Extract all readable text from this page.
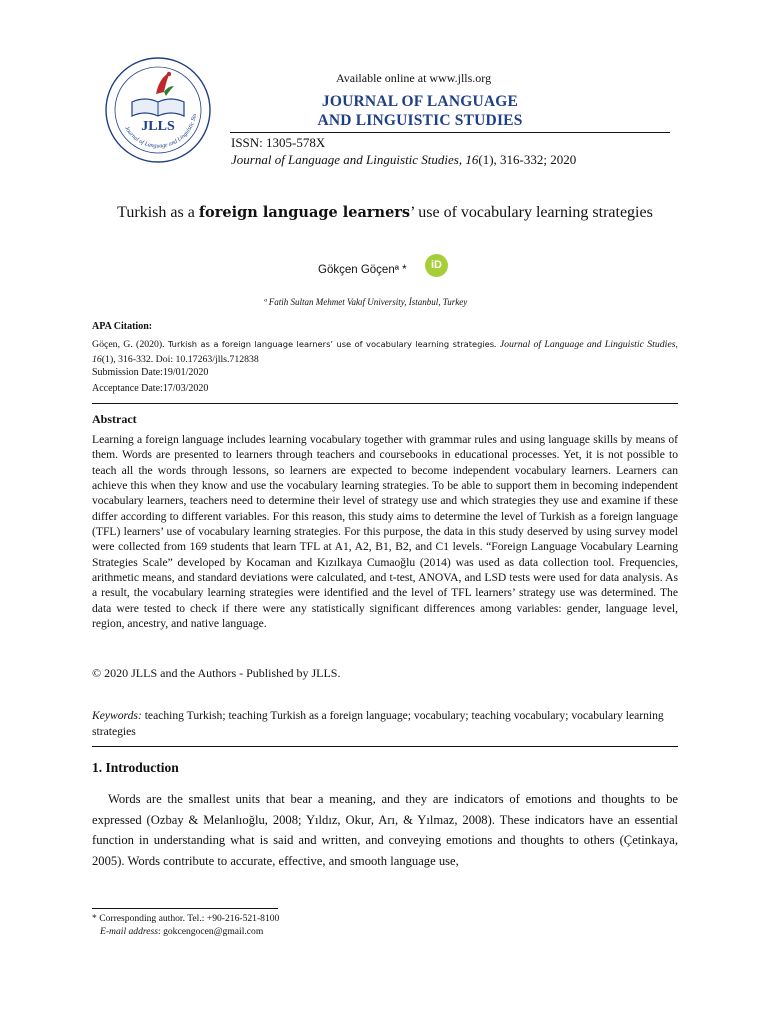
JLLS
Journal of Language and Linguistic Stu
Available online at www.jlls.org
JOURNAL OF LANGUAGE
AND LINGUISTIC STUDIES
ISSN: 1305-578X
Journal of Language and Linguistic Studies, 16(1), 316-332; 2020
Turkish as a foreign language learners’ use of vocabulary learning strategies
Gökçen Göçenª *	iD
ª Fatih Sultan Mehmet Vakıf University, İstanbul, Turkey
APA Citation:
Göçen, G. (2020). Turkish as a foreign language learners’ use of vocabulary learning strategies. Journal of Language and Linguistic Studies, 16(1), 316-332. Doi: 10.17263/jlls.712838
Submission Date:19/01/2020
Acceptance Date:17/03/2020
Abstract
Learning a foreign language includes learning vocabulary together with grammar rules and using language skills by means of them. Words are presented to learners through teachers and coursebooks in educational processes. Yet, it is not possible to teach all the words through lessons, so learners are expected to become independent vocabulary learners. Learners can achieve this when they know and use the vocabulary learning strategies. To be able to support them in becoming independent vocabulary learners, teachers need to determine their level of strategy use and which strategies they use and examine if these differ according to different variables. For this reason, this study aims to determine the level of Turkish as a foreign language (TFL) learners’ use of vocabulary learning strategies. For this purpose, the data in this study deserved by using survey model were collected from 169 students that learn TFL at A1, A2, B1, B2, and C1 levels. “Foreign Language Vocabulary Learning Strategies Scale” developed by Kocaman and Kızılkaya Cumaoğlu (2014) was used as data collection tool. Frequencies, arithmetic means, and standard deviations were calculated, and t-test, ANOVA, and LSD tests were used for data analysis. As a result, the vocabulary learning strategies were identified and the level of TFL learners’ strategy use was determined. The data were tested to check if there were any statistically significant differences among variables: gender, language level, region, ancestry, and native language.
© 2020 JLLS and the Authors - Published by JLLS.
Keywords: teaching Turkish; teaching Turkish as a foreign language; vocabulary; teaching vocabulary; vocabulary learning strategies
1. Introduction
Words are the smallest units that bear a meaning, and they are indicators of emotions and thoughts to be expressed (Ozbay & Melanlıoğlu, 2008; Yıldız, Okur, Arı, & Yılmaz, 2008). These indicators have an essential function in understanding what is said and written, and conveying emotions and thoughts to others (Çetinkaya, 2005). Words contribute to accurate, effective, and smooth language use,
* Corresponding author. Tel.: +90-216-521-8100
E-mail address: gokcengocen@gmail.com
